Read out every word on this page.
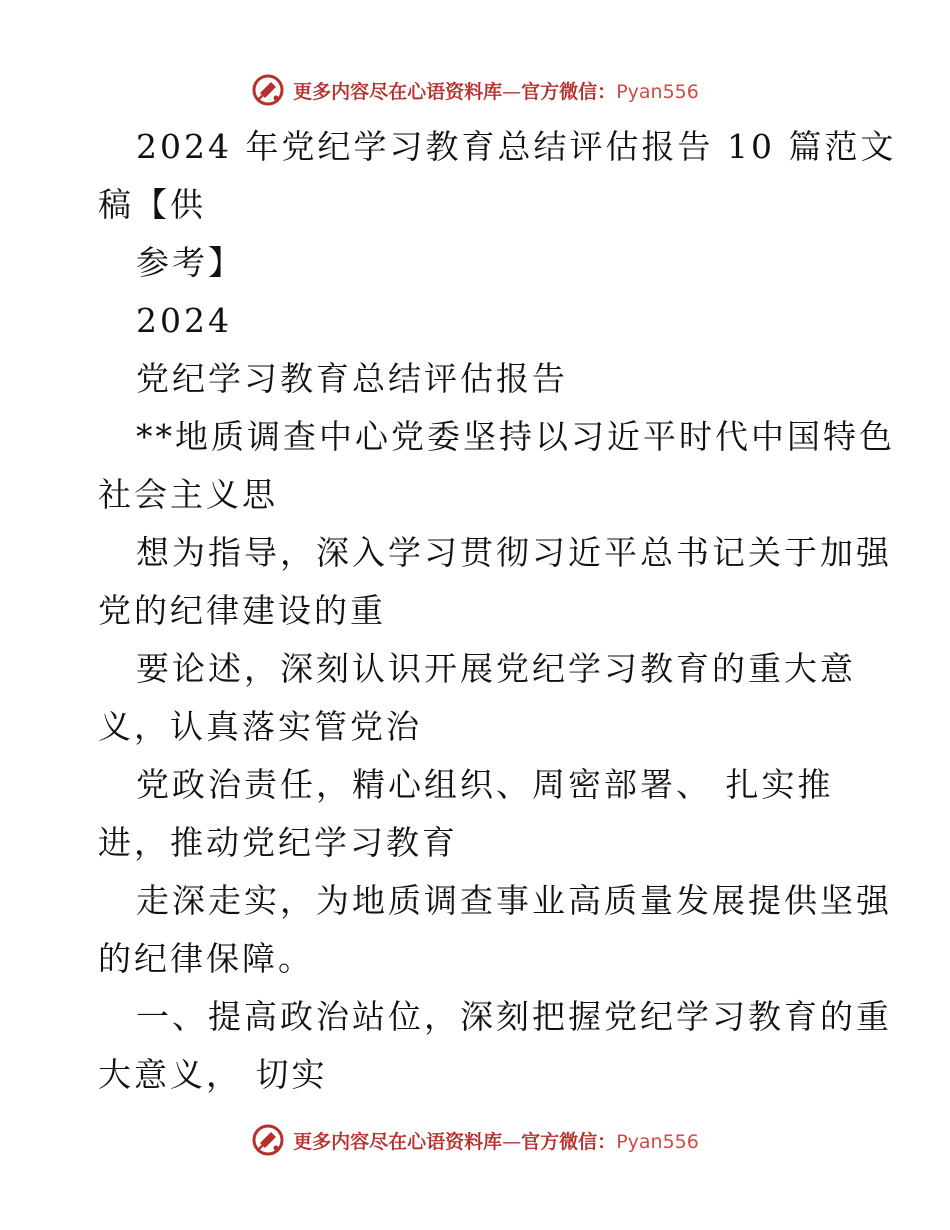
更多内容尽在心语资料库—官方微信：Pyan556
2024 年党纪学习教育总结评估报告 10 篇范文
稿【供
参考】
2024
党纪学习教育总结评估报告
**地质调查中心党委坚持以习近平时代中国特色
社会主义思
想为指导，深入学习贯彻习近平总书记关于加强
党的纪律建设的重
要论述，深刻认识开展党纪学习教育的重大意
义，认真落实管党治
党政治责任，精心组织、周密部署、 扎实推
进，推动党纪学习教育
走深走实，为地质调查事业高质量发展提供坚强
的纪律保障。
一、提高政治站位，深刻把握党纪学习教育的重
大意义， 切实
更多内容尽在心语资料库—官方微信：Pyan556
